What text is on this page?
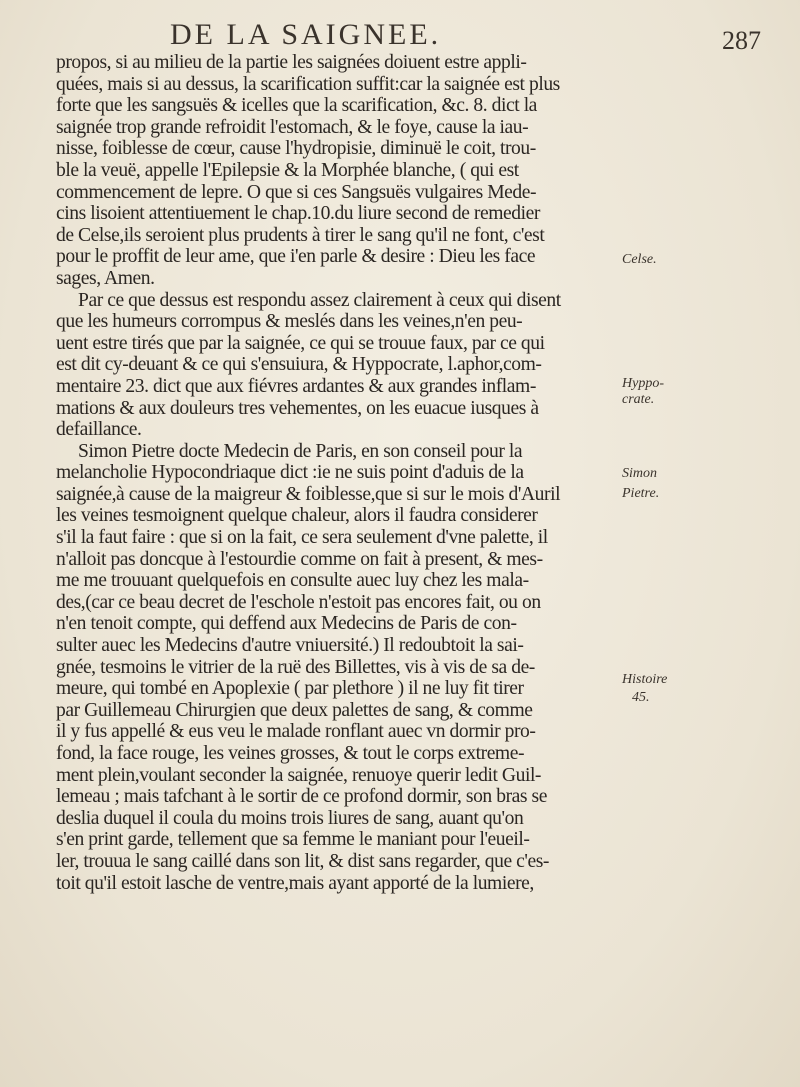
DE LA SAIGNEE.	287
propos, si au milieu de la partie les saignées doiuent estre appli-
quées, mais si au dessus, la scarification suffit:car la saignée est plus
forte que les sangsuës & icelles que la scarification, &c. 8. dict la
saignée trop grande refroidit l'estomach, & le foye, cause la iau-
nisse, foiblesse de cœur, cause l'hydropisie, diminuë le coit, trou-
ble la veuë, appelle l'Epilepsie & la Morphée blanche, ( qui est
commencement de lepre. O que si ces Sangsuës vulgaires Mede-
cins lisoient attentiuement le chap.10.du liure second de remedier
de Celse,ils seroient plus prudents à tirer le sang qu'il ne font, c'est
pour le proffit de leur ame, que i'en parle & desire : Dieu les face
sages, Amen.
Par ce que dessus est respondu assez clairement à ceux qui disent
que les humeurs corrompus & meslés dans les veines,n'en peu-
uent estre tirés que par la saignée, ce qui se trouue faux, par ce qui
est dit cy-deuant & ce qui s'ensuiura, & Hyppocrate, l.aphor,com-
mentaire 23. dict que aux fiévres ardantes & aux grandes inflam-
mations & aux douleurs tres vehementes, on les euacue iusques à
defaillance.
Simon Pietre docte Medecin de Paris, en son conseil pour la
melancholie Hypocondriaque dict :ie ne suis point d'aduis de la
saignée,à cause de la maigreur & foiblesse,que si sur le mois d'Auril
les veines tesmoignent quelque chaleur, alors il faudra considerer
s'il la faut faire : que si on la fait, ce sera seulement d'vne palette, il
n'alloit pas doncque à l'estourdie comme on fait à present, & mes-
me me trouuant quelquefois en consulte auec luy chez les mala-
des,(car ce beau decret de l'eschole n'estoit pas encores fait, ou on
n'en tenoit compte, qui deffend aux Medecins de Paris de con-
sulter auec les Medecins d'autre vniuersité.) Il redoubtoit la sai-
gnée, tesmoins le vitrier de la ruë des Billettes, vis à vis de sa de-
meure, qui tombé en Apoplexie ( par plethore ) il ne luy fit tirer
par Guillemeau Chirurgien que deux palettes de sang, & comme
il y fus appellé & eus veu le malade ronflant auec vn dormir pro-
fond, la face rouge, les veines grosses, & tout le corps extreme-
ment plein,voulant seconder la saignée, renuoye querir ledit Guil-
lemeau ; mais tafchant à le sortir de ce profond dormir, son bras se
deslia duquel il coula du moins trois liures de sang, auant qu'on
s'en print garde, tellement que sa femme le maniant pour l'eueil-
ler, trouua le sang caillé dans son lit, & dist sans regarder, que c'es-
toit qu'il estoit lasche de ventre,mais ayant apporté de la lumiere,
Celse.
Hyppo-
crate.
Simon
Pietre.
Histoire
45.
